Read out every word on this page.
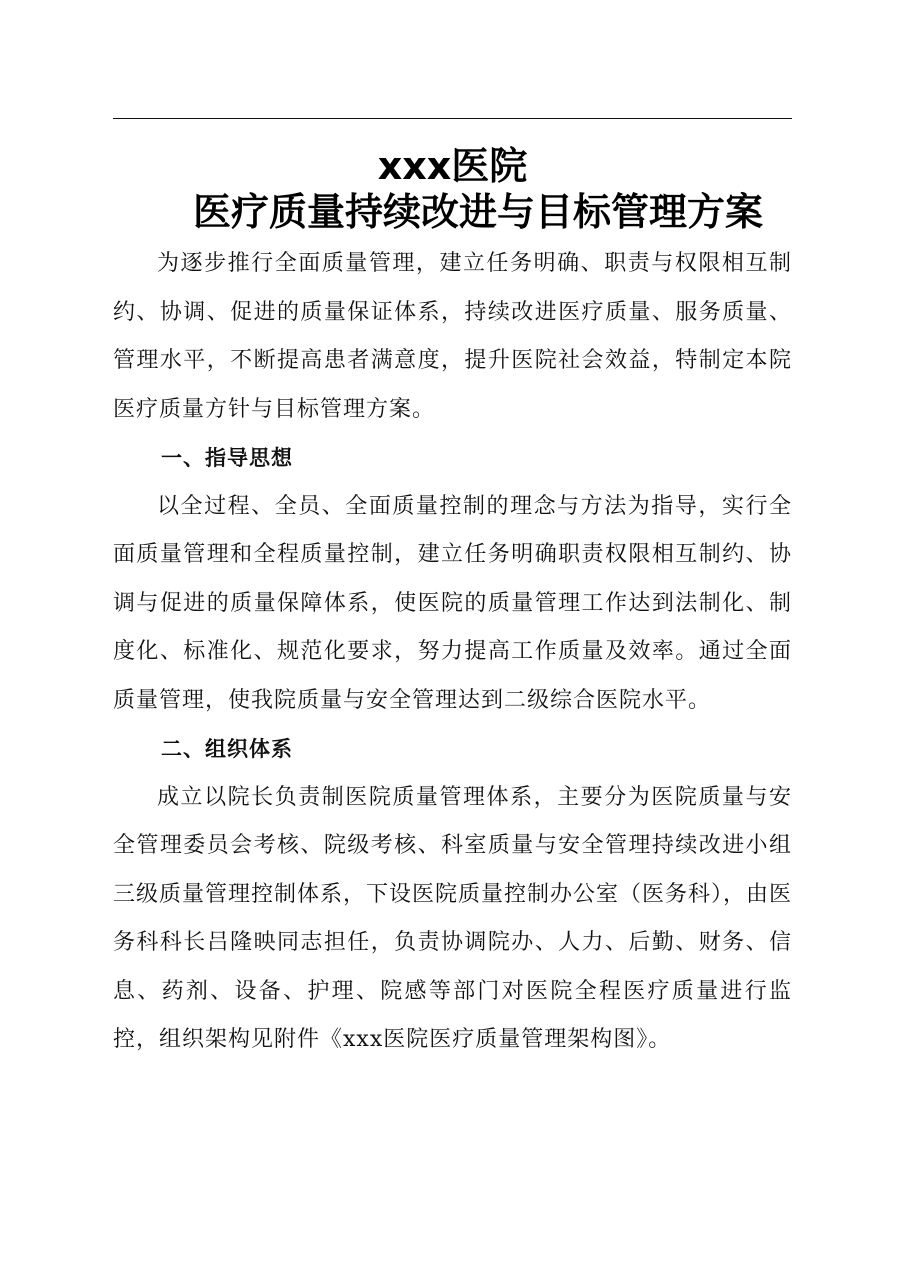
xxx医院
医疗质量持续改进与目标管理方案

为逐步推行全面质量管理，建立任务明确、职责与权限相互制约、协调、促进的质量保证体系，持续改进医疗质量、服务质量、管理水平，不断提高患者满意度，提升医院社会效益，特制定本院医疗质量方针与目标管理方案。

一、指导思想

以全过程、全员、全面质量控制的理念与方法为指导，实行全面质量管理和全程质量控制，建立任务明确职责权限相互制约、协调与促进的质量保障体系，使医院的质量管理工作达到法制化、制度化、标准化、规范化要求，努力提高工作质量及效率。通过全面质量管理，使我院质量与安全管理达到二级综合医院水平。

二、组织体系

成立以院长负责制医院质量管理体系，主要分为医院质量与安全管理委员会考核、院级考核、科室质量与安全管理持续改进小组三级质量管理控制体系，下设医院质量控制办公室（医务科），由医务科科长吕隆映同志担任，负责协调院办、人力、后勤、财务、信息、药剂、设备、护理、院感等部门对医院全程医疗质量进行监控，组织架构见附件《xxx医院医疗质量管理架构图》。
